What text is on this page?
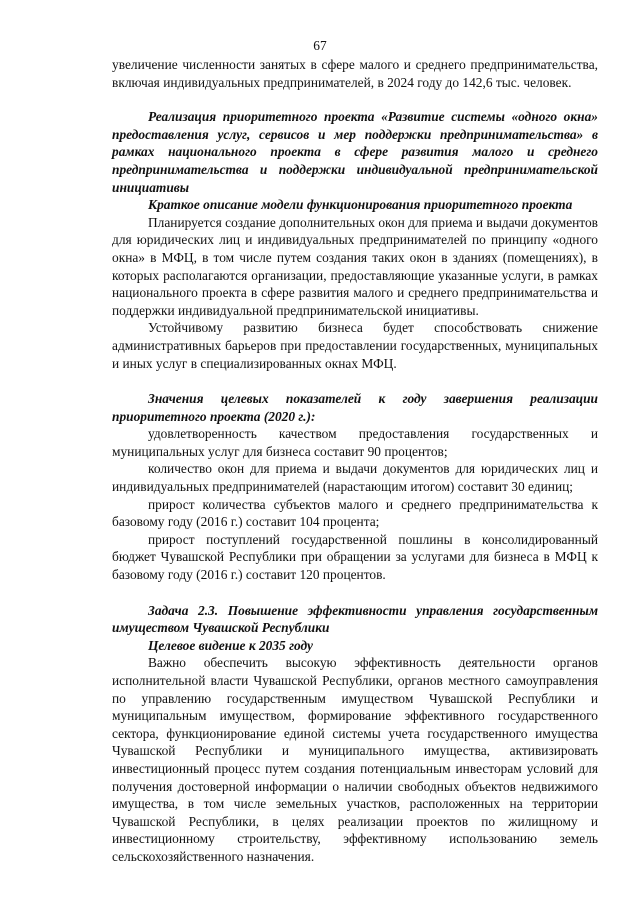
67

увеличение численности занятых в сфере малого и среднего предпринимательства, включая индивидуальных предпринимателей, в 2024 году до 142,6 тыс. человек.

Реализация приоритетного проекта «Развитие системы «одного окна» предоставления услуг, сервисов и мер поддержки предпринимательства» в рамках национального проекта в сфере развития малого и среднего предпринимательства и поддержки индивидуальной предпринимательской инициативы

Краткое описание модели функционирования приоритетного проекта

Планируется создание дополнительных окон для приема и выдачи документов для юридических лиц и индивидуальных предпринимателей по принципу «одного окна» в МФЦ, в том числе путем создания таких окон в зданиях (помещениях), в которых располагаются организации, предоставляющие указанные услуги, в рамках национального проекта в сфере развития малого и среднего предпринимательства и поддержки индивидуальной предпринимательской инициативы.

Устойчивому развитию бизнеса будет способствовать снижение административных барьеров при предоставлении государственных, муниципальных и иных услуг в специализированных окнах МФЦ.

Значения целевых показателей к году завершения реализации приоритетного проекта (2020 г.):

удовлетворенность качеством предоставления государственных и муниципальных услуг для бизнеса составит 90 процентов;

количество окон для приема и выдачи документов для юридических лиц и индивидуальных предпринимателей (нарастающим итогом) составит 30 единиц;

прирост количества субъектов малого и среднего предпринимательства к базовому году (2016 г.) составит 104 процента;

прирост поступлений государственной пошлины в консолидированный бюджет Чувашской Республики при обращении за услугами для бизнеса в МФЦ к базовому году (2016 г.) составит 120 процентов.

Задача 2.3. Повышение эффективности управления государственным имуществом Чувашской Республики

Целевое видение к 2035 году

Важно обеспечить высокую эффективность деятельности органов исполнительной власти Чувашской Республики, органов местного самоуправления по управлению государственным имуществом Чувашской Республики и муниципальным имуществом, формирование эффективного государственного сектора, функционирование единой системы учета государственного имущества Чувашской Республики и муниципального имущества, активизировать инвестиционный процесс путем создания потенциальным инвесторам условий для получения достоверной информации о наличии свободных объектов недвижимого имущества, в том числе земельных участков, расположенных на территории Чувашской Республики, в целях реализации проектов по жилищному и инвестиционному строительству, эффективному использованию земель сельскохозяйственного назначения.
